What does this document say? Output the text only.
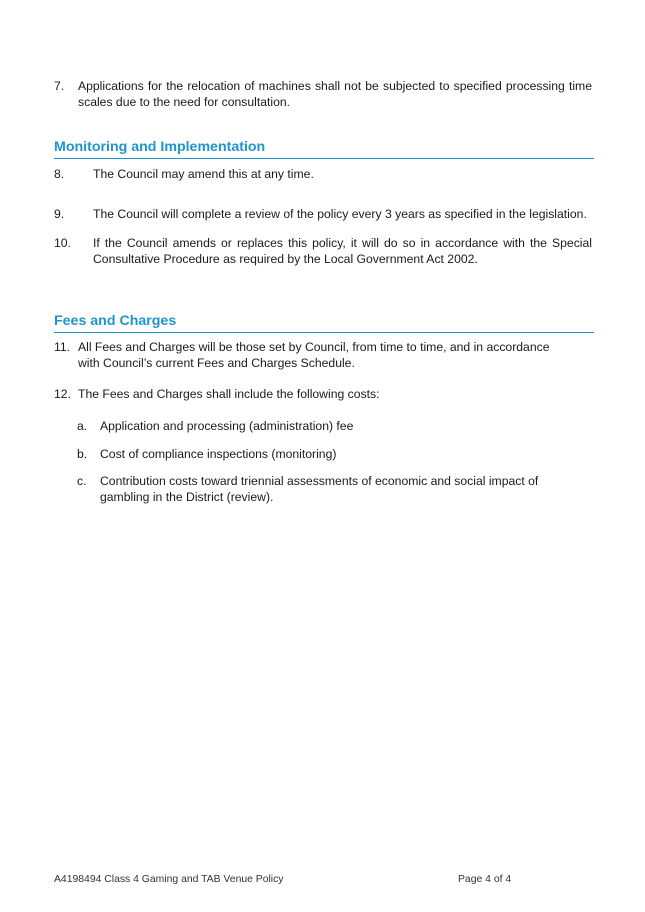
7. Applications for the relocation of machines shall not be subjected to specified processing time scales due to the need for consultation.
Monitoring and Implementation
8. The Council may amend this at any time.
9. The Council will complete a review of the policy every 3 years as specified in the legislation.
10. If the Council amends or replaces this policy, it will do so in accordance with the Special Consultative Procedure as required by the Local Government Act 2002.
Fees and Charges
11. All Fees and Charges will be those set by Council, from time to time, and in accordance with Council’s current Fees and Charges Schedule.
12. The Fees and Charges shall include the following costs:
a. Application and processing (administration) fee
b. Cost of compliance inspections (monitoring)
c. Contribution costs toward triennial assessments of economic and social impact of gambling in the District (review).
A4198494 Class 4 Gaming and TAB Venue Policy	Page 4 of 4
